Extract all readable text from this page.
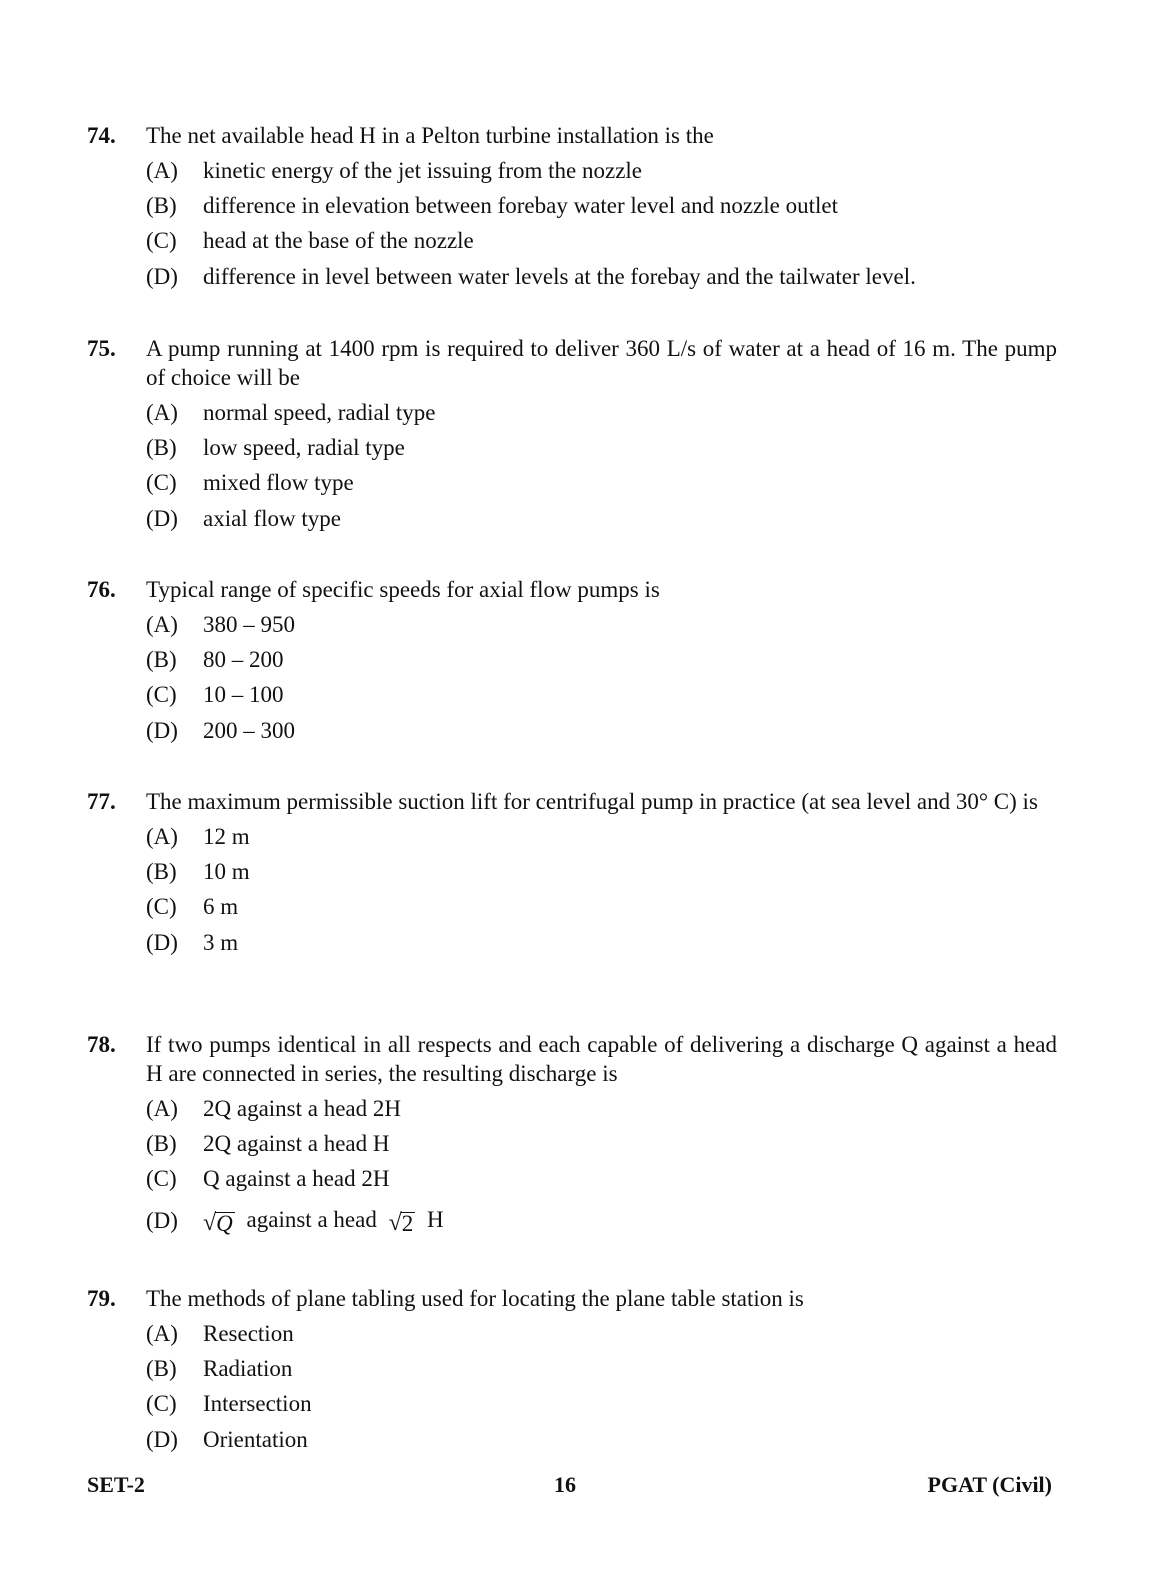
74.	The net available head H in a Pelton turbine installation is the
(A)	kinetic energy of the jet issuing from the nozzle
(B)	difference in elevation between forebay water level and nozzle outlet
(C)	head at the base of the nozzle
(D)	difference in level between water levels at the forebay and the tailwater level.
75.	A pump running at 1400 rpm is required to deliver 360 L/s of water at a head of 16 m. The pump of choice will be
(A)	normal speed, radial type
(B)	low speed, radial type
(C)	mixed flow type
(D)	axial flow type
76.	Typical range of specific speeds for axial flow pumps is
(A)	380 – 950
(B)	80 – 200
(C)	10 – 100
(D)	200 – 300
77.	The maximum permissible suction lift for centrifugal pump in practice (at sea level and 30° C) is
(A)	12 m
(B)	10 m
(C)	6 m
(D)	3 m
78.	If two pumps identical in all respects and each capable of delivering a discharge Q against a head H are connected in series, the resulting discharge is
(A)	2Q against a head 2H
(B)	2Q against a head H
(C)	Q against a head 2H
(D)	√ Q against a head √ 2 H
79.	The methods of plane tabling used for locating the plane table station is
(A)	Resection
(B)	Radiation
(C)	Intersection
(D)	Orientation
SET-2	16	PGAT (Civil)
